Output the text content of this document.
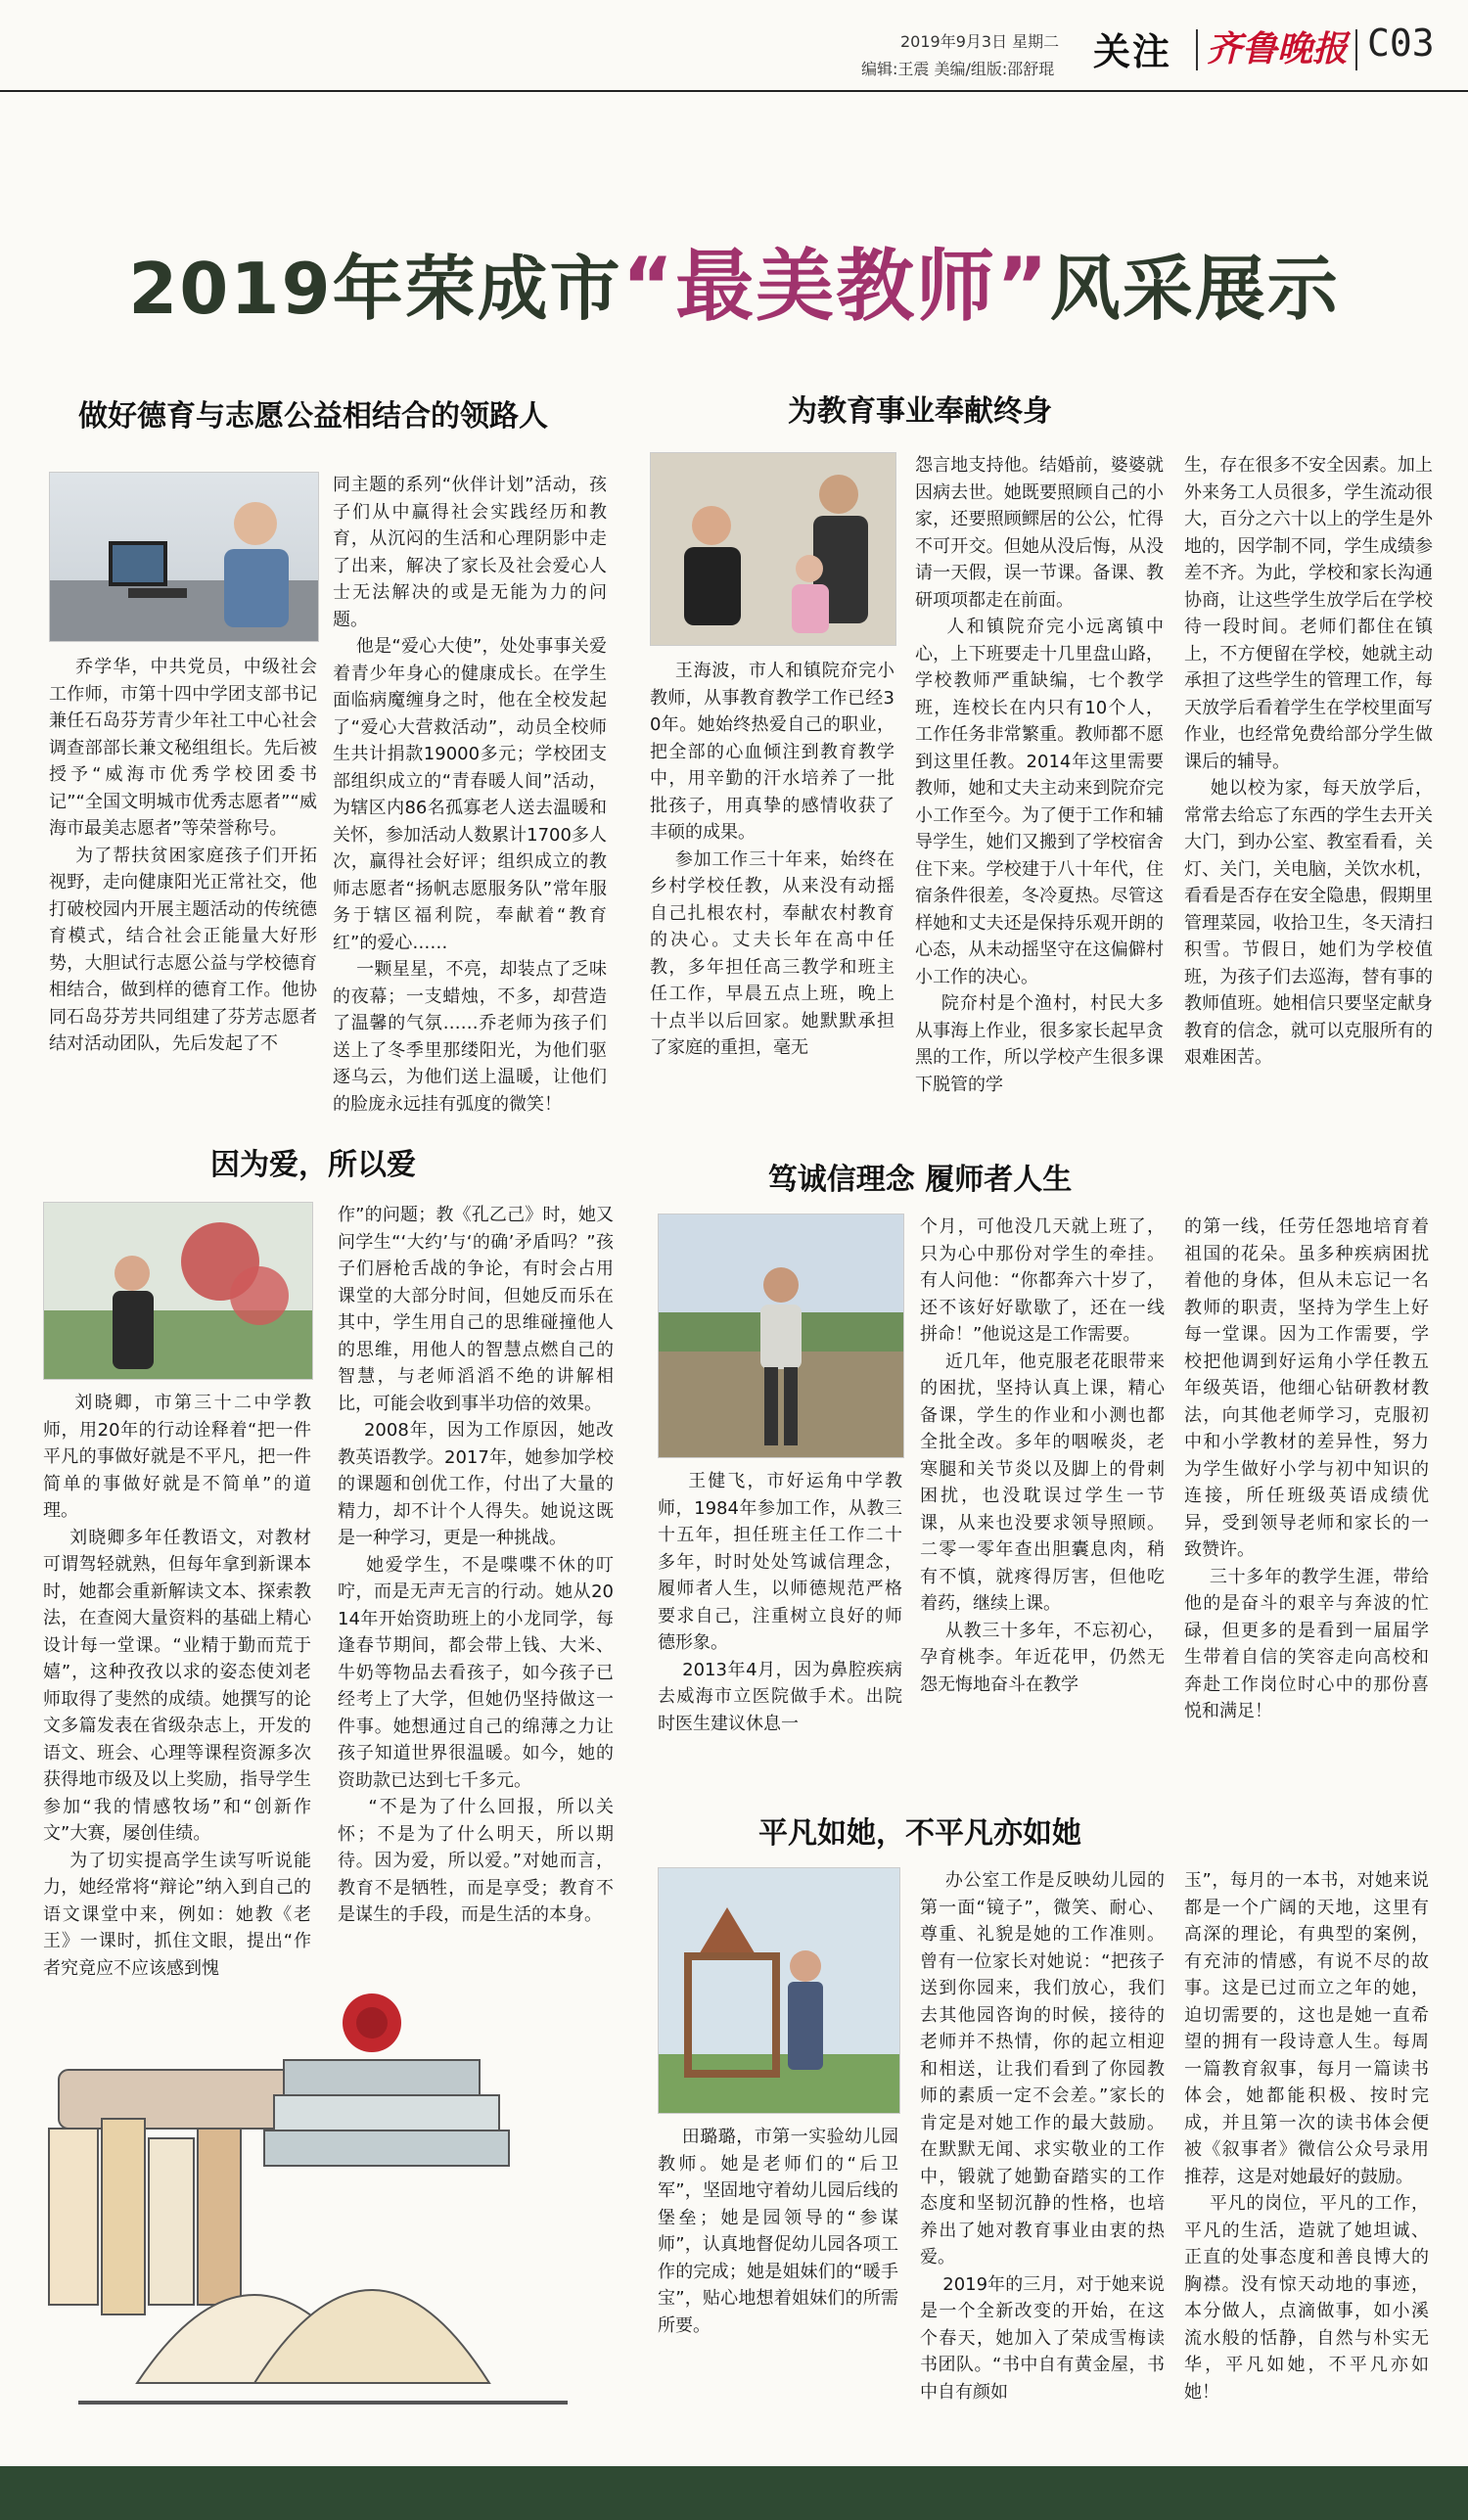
2019年9月3日 星期二
编辑:王震 美编/组版:邵舒琨 关注 齐鲁晚报 C03
2019年荣成市“最美教师”风采展示
做好德育与志愿公益相结合的领路人
乔学华，中共党员，中级社会工作师，市第十四中学团支部书记兼任石岛芬芳青少年社工中心社会调查部部长兼文秘组组长。先后被授予“威海市优秀学校团委书记”“全国文明城市优秀志愿者”“威海市最美志愿者”等荣誉称号。
为了帮扶贫困家庭孩子们开拓视野，走向健康阳光正常社交，他打破校园内开展主题活动的传统德育模式，结合社会正能量大好形势，大胆试行志愿公益与学校德育相结合，做到样的德育工作。他协同石岛芬芳共同组建了芬芳志愿者结对活动团队，先后发起了不
同主题的系列“伙伴计划”活动，孩子们从中赢得社会实践经历和教育，从沉闷的生活和心理阴影中走了出来，解决了家长及社会爱心人士无法解决的或是无能为力的问题。
他是“爱心大使”，处处事事关爱着青少年身心的健康成长。在学生面临病魔缠身之时，他在全校发起了“爱心大营救活动”，动员全校师生共计捐款19000多元；学校团支部组织成立的“青春暖人间”活动，为辖区内86名孤寡老人送去温暖和关怀，参加活动人数累计1700多人次，赢得社会好评；组织成立的教师志愿者“扬帆志愿服务队”常年服务于辖区福利院，奉献着“教育红”的爱心……
一颗星星，不亮，却装点了乏味的夜幕；一支蜡烛，不多，却营造了温馨的气氛……乔老师为孩子们送上了冬季里那缕阳光，为他们驱逐乌云，为他们送上温暖，让他们的脸庞永远挂有弧度的微笑！
为教育事业奉献终身
王海波，市人和镇院夼完小教师，从事教育教学工作已经30年。她始终热爱自己的职业，把全部的心血倾注到教育教学中，用辛勤的汗水培养了一批批孩子，用真挚的感情收获了丰硕的成果。
参加工作三十年来，始终在乡村学校任教，从来没有动摇自己扎根农村，奉献农村教育的决心。丈夫长年在高中任教，多年担任高三教学和班主任工作，早晨五点上班，晚上十点半以后回家。她默默承担了家庭的重担，毫无
怨言地支持他。结婚前，婆婆就因病去世。她既要照顾自己的小家，还要照顾鳏居的公公，忙得不可开交。但她从没后悔，从没请一天假，误一节课。备课、教研项项都走在前面。
人和镇院夼完小远离镇中心，上下班要走十几里盘山路，学校教师严重缺编，七个教学班，连校长在内只有10个人，工作任务非常繁重。教师都不愿到这里任教。2014年这里需要教师，她和丈夫主动来到院夼完小工作至今。为了便于工作和辅导学生，她们又搬到了学校宿舍住下来。学校建于八十年代，住宿条件很差，冬冷夏热。尽管这样她和丈夫还是保持乐观开朗的心态，从未动摇坚守在这偏僻村小工作的决心。
院夼村是个渔村，村民大多从事海上作业，很多家长起早贪黑的工作，所以学校产生很多课下脱管的学
生，存在很多不安全因素。加上外来务工人员很多，学生流动很大，百分之六十以上的学生是外地的，因学制不同，学生成绩参差不齐。为此，学校和家长沟通协商，让这些学生放学后在学校待一段时间。老师们都住在镇上，不方便留在学校，她就主动承担了这些学生的管理工作，每天放学后看着学生在学校里面写作业，也经常免费给部分学生做课后的辅导。
她以校为家，每天放学后，常常去给忘了东西的学生去开关大门，到办公室、教室看看，关灯、关门，关电脑，关饮水机，看看是否存在安全隐患，假期里管理菜园，收拾卫生，冬天清扫积雪。节假日，她们为学校值班，为孩子们去巡海，替有事的教师值班。她相信只要坚定献身教育的信念，就可以克服所有的艰难困苦。
因为爱，所以爱
刘晓卿，市第三十二中学教师，用20年的行动诠释着“把一件平凡的事做好就是不平凡，把一件简单的事做好就是不简单”的道理。
刘晓卿多年任教语文，对教材可谓驾轻就熟，但每年拿到新课本时，她都会重新解读文本、探索教法，在查阅大量资料的基础上精心设计每一堂课。“业精于勤而荒于嬉”，这种孜孜以求的姿态使刘老师取得了斐然的成绩。她撰写的论文多篇发表在省级杂志上，开发的语文、班会、心理等课程资源多次获得地市级及以上奖励，指导学生参加“我的情感牧场”和“创新作文”大赛，屡创佳绩。
为了切实提高学生读写听说能力，她经常将“辩论”纳入到自己的语文课堂中来，例如：她教《老王》一课时，抓住文眼，提出“作者究竟应不应该感到愧
作”的问题；教《孔乙己》时，她又问学生“‘大约’与‘的确’矛盾吗？”孩子们唇枪舌战的争论，有时会占用课堂的大部分时间，但她反而乐在其中，学生用自己的思维碰撞他人的思维，用他人的智慧点燃自己的智慧，与老师滔滔不绝的讲解相比，可能会收到事半功倍的效果。
2008年，因为工作原因，她改教英语教学。2017年，她参加学校的课题和创优工作，付出了大量的精力，却不计个人得失。她说这既是一种学习，更是一种挑战。
她爱学生，不是喋喋不休的叮咛，而是无声无言的行动。她从2014年开始资助班上的小龙同学，每逢春节期间，都会带上钱、大米、牛奶等物品去看孩子，如今孩子已经考上了大学，但她仍坚持做这一件事。她想通过自己的绵薄之力让孩子知道世界很温暖。如今，她的资助款已达到七千多元。
“不是为了什么回报，所以关怀；不是为了什么明天，所以期待。因为爱，所以爱。”对她而言，教育不是牺牲，而是享受；教育不是谋生的手段，而是生活的本身。
笃诚信理念 履师者人生
王健飞，市好运角中学教师，1984年参加工作，从教三十五年，担任班主任工作二十多年，时时处处笃诚信理念，履师者人生，以师德规范严格要求自己，注重树立良好的师德形象。
2013年4月，因为鼻腔疾病去威海市立医院做手术。出院时医生建议休息一
个月，可他没几天就上班了，只为心中那份对学生的牵挂。有人问他：“你都奔六十岁了，还不该好好歇歇了，还在一线拼命！”他说这是工作需要。
近几年，他克服老花眼带来的困扰，坚持认真上课，精心备课，学生的作业和小测也都全批全改。多年的咽喉炎，老寒腿和关节炎以及脚上的骨刺困扰，也没耽误过学生一节课，从来也没要求领导照顾。二零一零年查出胆囊息肉，稍有不慎，就疼得厉害，但他吃着药，继续上课。
从教三十多年，不忘初心，孕育桃李。年近花甲，仍然无怨无悔地奋斗在教学
的第一线，任劳任怨地培育着祖国的花朵。虽多种疾病困扰着他的身体，但从未忘记一名教师的职责，坚持为学生上好每一堂课。因为工作需要，学校把他调到好运角小学任教五年级英语，他细心钻研教材教法，向其他老师学习，克服初中和小学教材的差异性，努力为学生做好小学与初中知识的连接，所任班级英语成绩优异，受到领导老师和家长的一致赞许。
三十多年的教学生涯，带给他的是奋斗的艰辛与奔波的忙碌，但更多的是看到一届届学生带着自信的笑容走向高校和奔赴工作岗位时心中的那份喜悦和满足！
平凡如她，不平凡亦如她
田璐璐，市第一实验幼儿园教师。她是老师们的“后卫军”，坚固地守着幼儿园后线的堡垒；她是园领导的“参谋师”，认真地督促幼儿园各项工作的完成；她是姐妹们的“暖手宝”，贴心地想着姐妹们的所需所要。
办公室工作是反映幼儿园的第一面“镜子”，微笑、耐心、尊重、礼貌是她的工作准则。曾有一位家长对她说：“把孩子送到你园来，我们放心，我们去其他园咨询的时候，接待的老师并不热情，你的起立相迎和相送，让我们看到了你园教师的素质一定不会差。”家长的肯定是对她工作的最大鼓励。在默默无闻、求实敬业的工作中，锻就了她勤奋踏实的工作态度和坚韧沉静的性格，也培养出了她对教育事业由衷的热爱。
2019年的三月，对于她来说是一个全新改变的开始，在这个春天，她加入了荣成雪梅读书团队。“书中自有黄金屋，书中自有颜如
玉”，每月的一本书，对她来说都是一个广阔的天地，这里有高深的理论，有典型的案例，有充沛的情感，有说不尽的故事。这是已过而立之年的她，迫切需要的，这也是她一直希望的拥有一段诗意人生。每周一篇教育叙事，每月一篇读书体会，她都能积极、按时完成，并且第一次的读书体会便被《叙事者》微信公众号录用推荐，这是对她最好的鼓励。
平凡的岗位，平凡的工作，平凡的生活，造就了她坦诚、正直的处事态度和善良博大的胸襟。没有惊天动地的事迹，本分做人，点滴做事，如小溪流水般的恬静，自然与朴实无华，平凡如她，不平凡亦如她！
